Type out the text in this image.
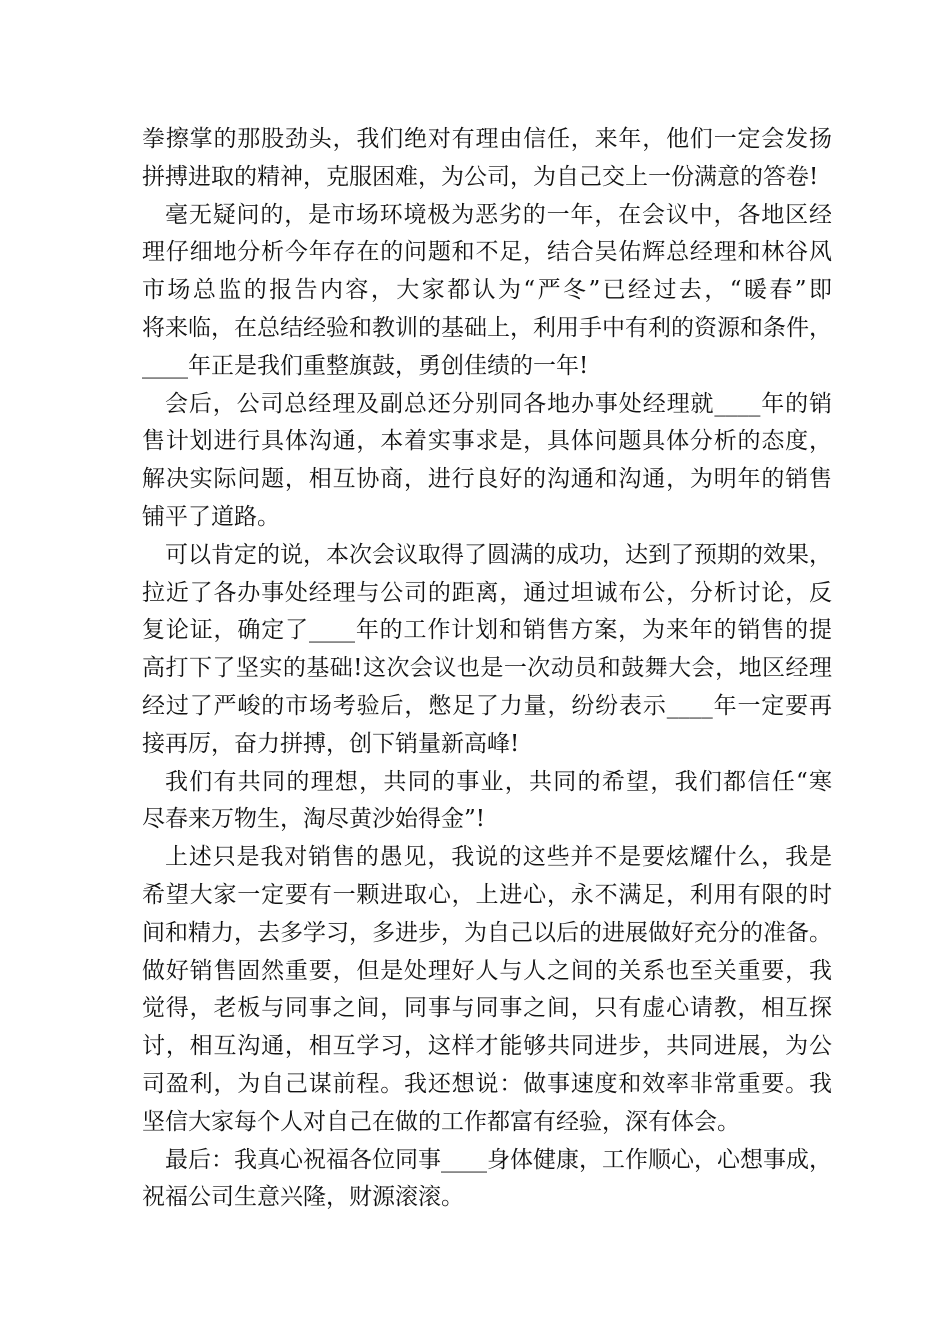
拳擦掌的那股劲头，我们绝对有理由信任，来年，他们一定会发扬
拼搏进取的精神，克服困难，为公司，为自己交上一份满意的答卷!

毫无疑问的，是市场环境极为恶劣的一年，在会议中，各地区经
理仔细地分析今年存在的问题和不足，结合吴佑辉总经理和林谷风
市场总监的报告内容，大家都认为“严冬”已经过去，“暖春”即
将来临，在总结经验和教训的基础上，利用手中有利的资源和条件，
____年正是我们重整旗鼓，勇创佳绩的一年!

会后，公司总经理及副总还分别同各地办事处经理就____年的销
售计划进行具体沟通，本着实事求是，具体问题具体分析的态度，
解决实际问题，相互协商，进行良好的沟通和沟通，为明年的销售
铺平了道路。

可以肯定的说，本次会议取得了圆满的成功，达到了预期的效果，
拉近了各办事处经理与公司的距离，通过坦诚布公，分析讨论，反
复论证，确定了____年的工作计划和销售方案，为来年的销售的提
高打下了坚实的基础!这次会议也是一次动员和鼓舞大会，地区经理
经过了严峻的市场考验后，憋足了力量，纷纷表示____年一定要再
接再厉，奋力拼搏，创下销量新高峰!

我们有共同的理想，共同的事业，共同的希望，我们都信任“寒
尽春来万物生，淘尽黄沙始得金”!

上述只是我对销售的愚见，我说的这些并不是要炫耀什么，我是
希望大家一定要有一颗进取心，上进心，永不满足，利用有限的时
间和精力，去多学习，多进步，为自己以后的进展做好充分的准备。
做好销售固然重要，但是处理好人与人之间的关系也至关重要，我
觉得，老板与同事之间，同事与同事之间，只有虚心请教，相互探
讨，相互沟通，相互学习，这样才能够共同进步，共同进展，为公
司盈利，为自己谋前程。我还想说：做事速度和效率非常重要。我
坚信大家每个人对自己在做的工作都富有经验，深有体会。

最后：我真心祝福各位同事____身体健康，工作顺心，心想事成，
祝福公司生意兴隆，财源滚滚。
